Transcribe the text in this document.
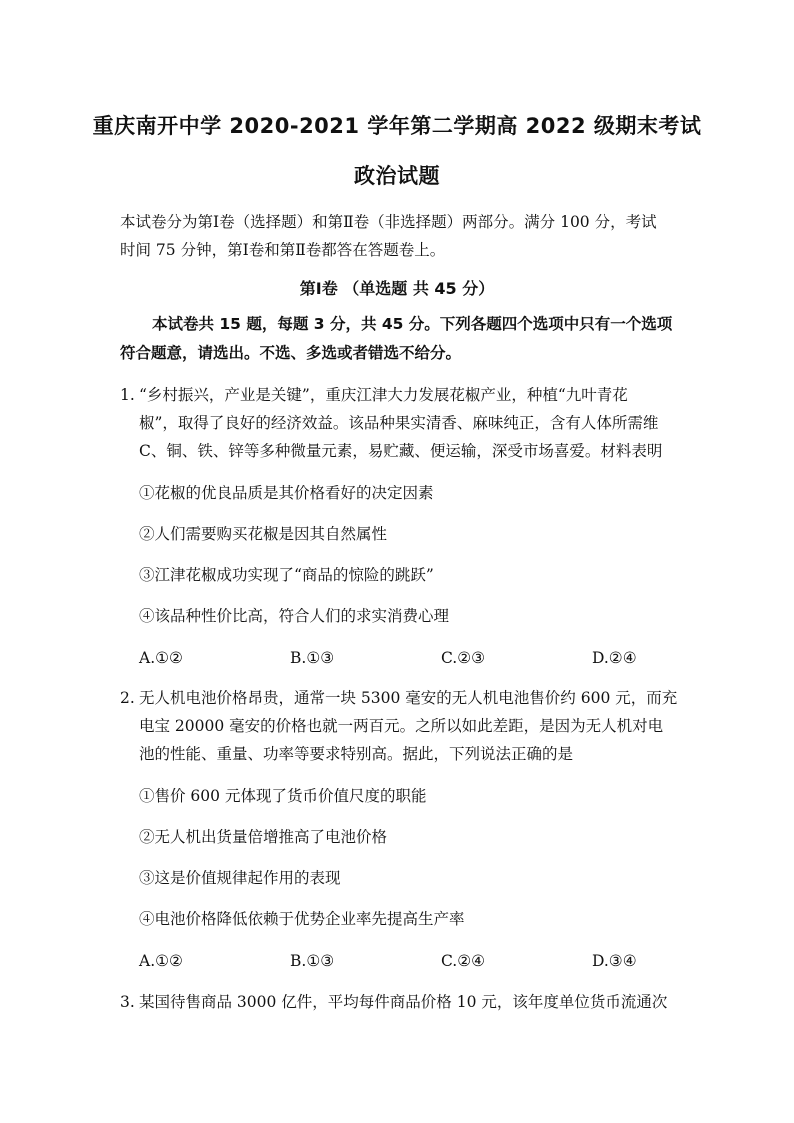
重庆南开中学 2020-2021 学年第二学期高 2022 级期末考试
政治试题
本试卷分为第Ⅰ卷（选择题）和第Ⅱ卷（非选择题）两部分。满分 100 分，考试
时间 75 分钟，第Ⅰ卷和第Ⅱ卷都答在答题卷上。
第Ⅰ卷 （单选题 共 45 分）
本试卷共 15 题，每题 3 分，共 45 分。下列各题四个选项中只有一个选项
符合题意，请选出。不选、多选或者错选不给分。
1. “乡村振兴，产业是关键”，重庆江津大力发展花椒产业，种植“九叶青花
椒”，取得了良好的经济效益。该品种果实清香、麻味纯正，含有人体所需维
C、铜、铁、锌等多种微量元素，易贮藏、便运输，深受市场喜爱。材料表明
①花椒的优良品质是其价格看好的决定因素
②人们需要购买花椒是因其自然属性
③江津花椒成功实现了“商品的惊险的跳跃”
④该品种性价比高，符合人们的求实消费心理
A.①②	B.①③	C.②③	D.②④
2. 无人机电池价格昂贵，通常一块 5300 毫安的无人机电池售价约 600 元，而充
电宝 20000 毫安的价格也就一两百元。之所以如此差距，是因为无人机对电
池的性能、重量、功率等要求特别高。据此，下列说法正确的是
①售价 600 元体现了货币价值尺度的职能
②无人机出货量倍增推高了电池价格
③这是价值规律起作用的表现
④电池价格降低依赖于优势企业率先提高生产率
A.①②	B.①③	C.②④	D.③④
3. 某国待售商品 3000 亿件，平均每件商品价格 10 元，该年度单位货币流通次
